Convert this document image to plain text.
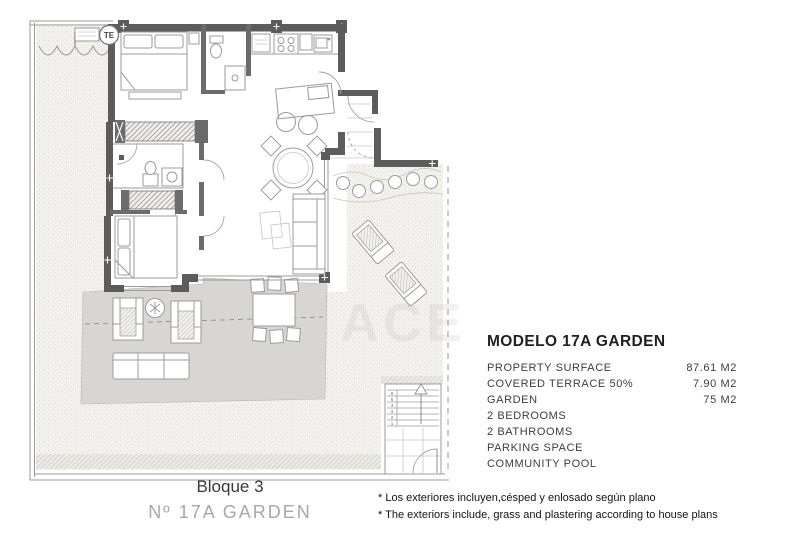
TE
6
5
4
3
2
1
ACE	MODELO 17A GARDEN
PROPERTY SURFACE	87.61 M2
COVERED TERRACE 50%	7.90 M2
GARDEN	75 M2
2 BEDROOMS
2 BATHROOMS
PARKING SPACE
COMMUNITY POOL
Bloque 3
Nº 17A GARDEN
* Los exteriores incluyen,césped y enlosado según plano
* The exteriors include, grass and plastering according to house plans
